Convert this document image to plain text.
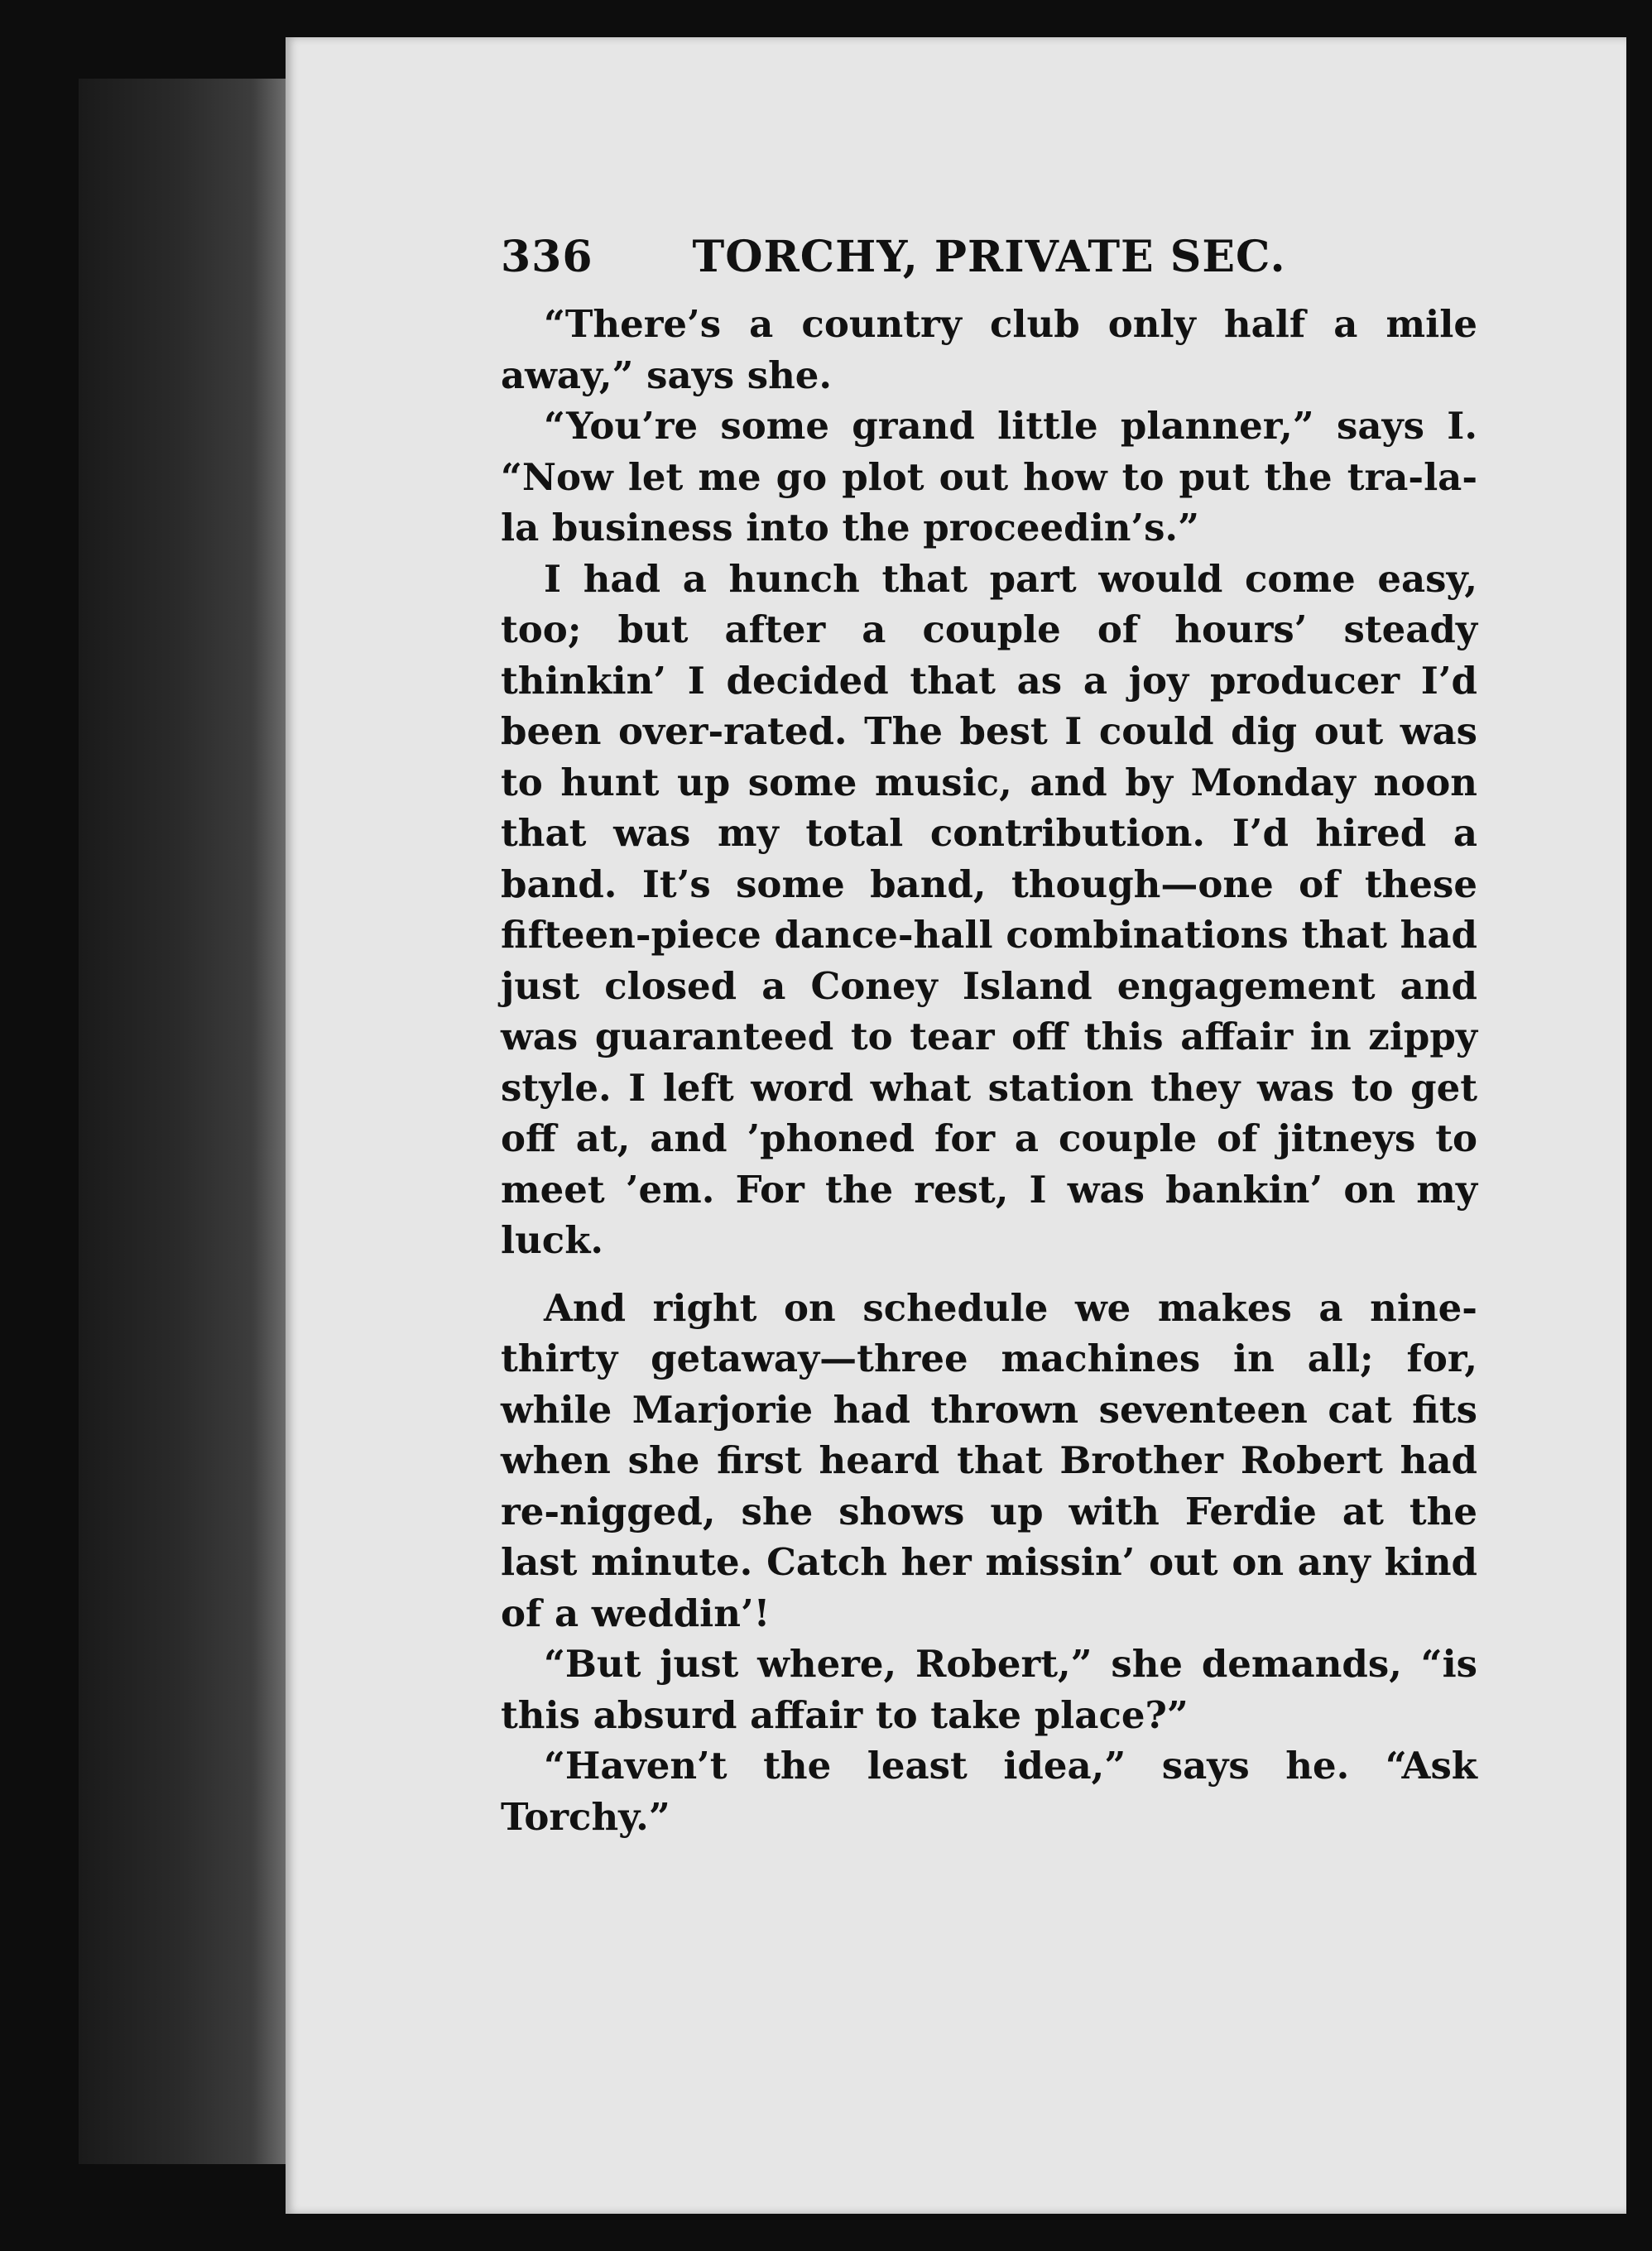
336 TORCHY, PRIVATE SEC.

“There’s a country club only half a mile away,” says she.

“You’re some grand little planner,” says I. “Now let me go plot out how to put the tra-la-la business into the proceedin’s.”

I had a hunch that part would come easy, too; but after a couple of hours’ steady thinkin’ I decided that as a joy producer I’d been over-rated. The best I could dig out was to hunt up some music, and by Monday noon that was my total contribution. I’d hired a band. It’s some band, though—one of these fifteen-piece dance-hall combinations that had just closed a Coney Island engagement and was guaranteed to tear off this affair in zippy style. I left word what station they was to get off at, and ’phoned for a couple of jitneys to meet ’em. For the rest, I was bankin’ on my luck.

And right on schedule we makes a nine-thirty getaway—three machines in all; for, while Marjorie had thrown seventeen cat fits when she first heard that Brother Robert had re-nigged, she shows up with Ferdie at the last minute. Catch her missin’ out on any kind of a weddin’!

“But just where, Robert,” she demands, “is this absurd affair to take place?”

“Haven’t the least idea,” says he. “Ask Torchy.”
